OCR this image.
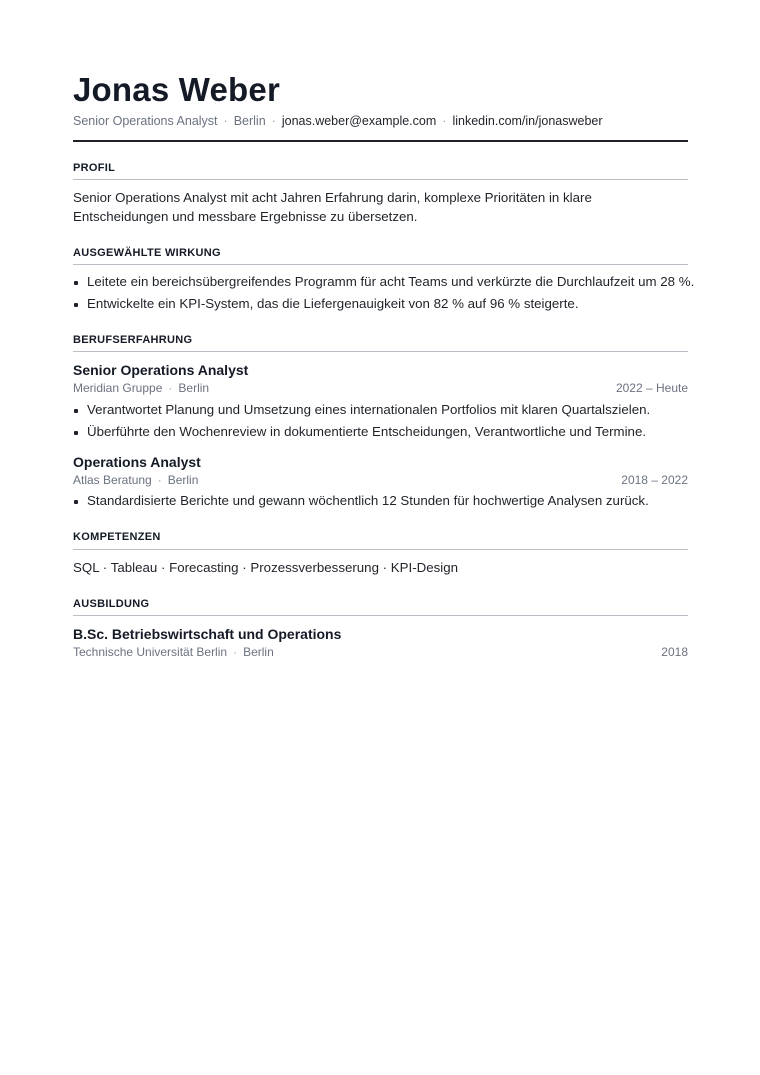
Jonas Weber
Senior Operations Analyst · Berlin · jonas.weber@example.com · linkedin.com/in/jonasweber
PROFIL
Senior Operations Analyst mit acht Jahren Erfahrung darin, komplexe Prioritäten in klare Entscheidungen und messbare Ergebnisse zu übersetzen.
AUSGEWÄHLTE WIRKUNG
Leitete ein bereichsübergreifendes Programm für acht Teams und verkürzte die Durchlaufzeit um 28 %.
Entwickelte ein KPI-System, das die Liefergenauigkeit von 82 % auf 96 % steigerte.
BERUFSERFAHRUNG
Senior Operations Analyst
Meridian Gruppe · Berlin	2022 – Heute
Verantwortet Planung und Umsetzung eines internationalen Portfolios mit klaren Quartalszielen.
Überführte den Wochenreview in dokumentierte Entscheidungen, Verantwortliche und Termine.
Operations Analyst
Atlas Beratung · Berlin	2018 – 2022
Standardisierte Berichte und gewann wöchentlich 12 Stunden für hochwertige Analysen zurück.
KOMPETENZEN
SQL · Tableau · Forecasting · Prozessverbesserung · KPI-Design
AUSBILDUNG
B.Sc. Betriebswirtschaft und Operations
Technische Universität Berlin · Berlin	2018
